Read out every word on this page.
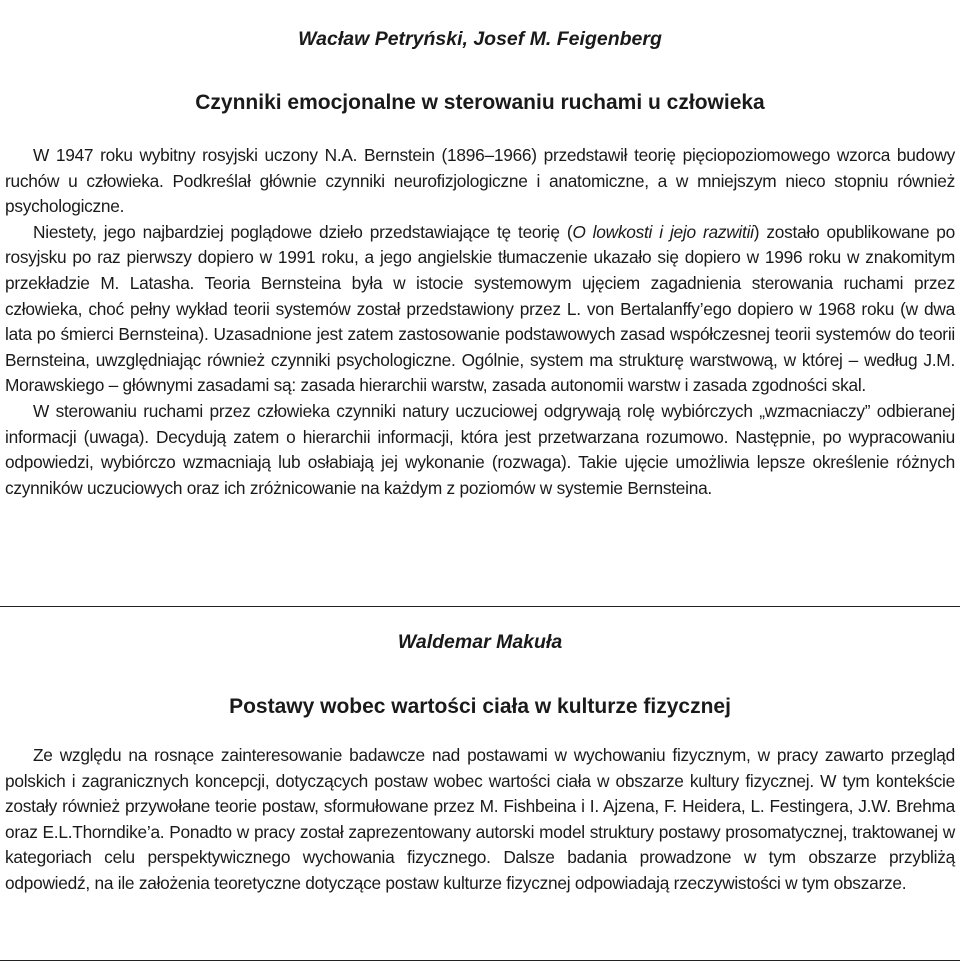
Wacław Petryński, Josef M. Feigenberg
Czynniki emocjonalne w sterowaniu ruchami u człowieka

W 1947 roku wybitny rosyjski uczony N.A. Bernstein (1896–1966) przedstawił teorię pięciopoziomowego wzorca budowy ruchów u człowieka. Podkreślał głównie czynniki neurofizjologiczne i anatomiczne, a w mniejszym nieco stopniu również psychologiczne.

Niestety, jego najbardziej poglądowe dzieło przedstawiające tę teorię (O lowkosti i jejo razwitii) zostało opublikowane po rosyjsku po raz pierwszy dopiero w 1991 roku, a jego angielskie tłumaczenie ukazało się dopiero w 1996 roku w znakomitym przekładzie M. Latasha. Teoria Bernsteina była w istocie systemowym ujęciem zagadnienia sterowania ruchami przez człowieka, choć pełny wykład teorii systemów został przedstawiony przez L. von Bertalanffy’ego dopiero w 1968 roku (w dwa lata po śmierci Bernsteina). Uzasadnione jest zatem zastosowanie podstawowych zasad współczesnej teorii systemów do teorii Bernsteina, uwzględniając również czynniki psychologiczne. Ogólnie, system ma strukturę warstwową, w której – według J.M. Morawskiego – głównymi zasadami są: zasada hierarchii warstw, zasada autonomii warstw i zasada zgodności skal.

W sterowaniu ruchami przez człowieka czynniki natury uczuciowej odgrywają rolę wybiórczych „wzmacniaczy” odbieranej informacji (uwaga). Decydują zatem o hierarchii informacji, która jest przetwarzana rozumowo. Następnie, po wypracowaniu odpowiedzi, wybiórczo wzmacniają lub osłabiają jej wykonanie (rozwaga). Takie ujęcie umożliwia lepsze określenie różnych czynników uczuciowych oraz ich zróżnicowanie na każdym z poziomów w systemie Bernsteina.

Waldemar Makuła
Postawy wobec wartości ciała w kulturze fizycznej

Ze względu na rosnące zainteresowanie badawcze nad postawami w wychowaniu fizycznym, w pracy zawarto przegląd polskich i zagranicznych koncepcji, dotyczących postaw wobec wartości ciała w obszarze kultury fizycznej. W tym kontekście zostały również przywołane teorie postaw, sformułowane przez M. Fishbeina i I. Ajzena, F. Heidera, L. Festingera, J.W. Brehma oraz E.L.Thorndike’a. Ponadto w pracy został zaprezentowany autorski model struktury postawy prosomatycznej, traktowanej w kategoriach celu perspektywicznego wychowania fizycznego. Dalsze badania prowadzone w tym obszarze przybliżą odpowiedź, na ile założenia teoretyczne dotyczące postaw kulturze fizycznej odpowiadają rzeczywistości w tym obszarze.
